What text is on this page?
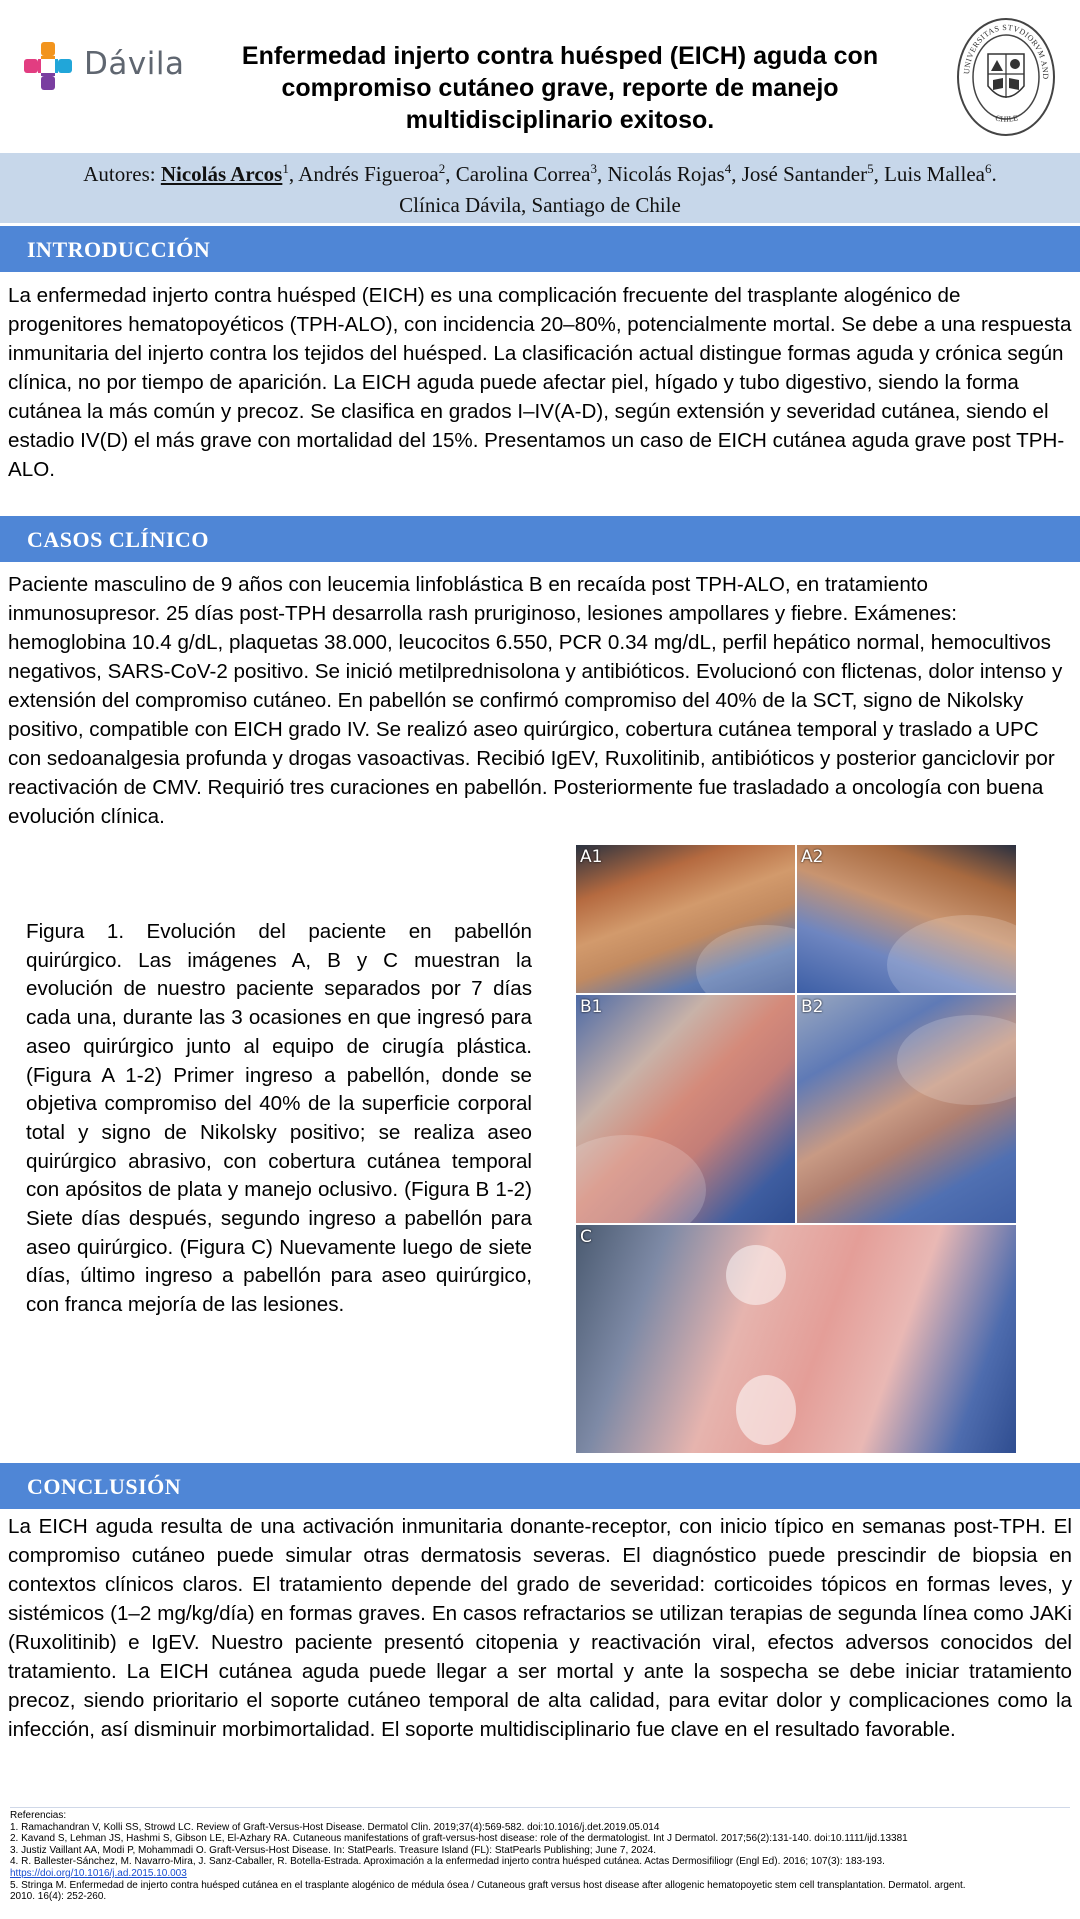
Dávila	Enfermedad injerto contra huésped (EICH) aguda con compromiso cutáneo grave, reporte de manejo multidisciplinario exitoso.
UNIVERSITAS STVDIORVM AND
CHILE
Autores: Nicolás Arcos$^1$, Andrés Figueroa$^2$, Carolina Correa$^3$, Nicolás Rojas$^4$, José Santander$^5$, Luis Mallea$^6$.
Clínica Dávila, Santiago de Chile
INTRODUCCIÓN
La enfermedad injerto contra huésped (EICH) es una complicación frecuente del trasplante alogénico de progenitores hematopoyéticos (TPH-ALO), con incidencia 20–80%, potencialmente mortal. Se debe a una respuesta inmunitaria del injerto contra los tejidos del huésped. La clasificación actual distingue formas aguda y crónica según clínica, no por tiempo de aparición. La EICH aguda puede afectar piel, hígado y tubo digestivo, siendo la forma cutánea la más común y precoz. Se clasifica en grados I–IV(A-D), según extensión y severidad cutánea, siendo el estadio IV(D) el más grave con mortalidad del 15%. Presentamos un caso de EICH cutánea aguda grave post TPH-ALO.
CASOS CLÍNICO
Paciente masculino de 9 años con leucemia linfoblástica B en recaída post TPH-ALO, en tratamiento inmunosupresor. 25 días post-TPH desarrolla rash pruriginoso, lesiones ampollares y fiebre. Exámenes: hemoglobina 10.4 g/dL, plaquetas 38.000, leucocitos 6.550, PCR 0.34 mg/dL, perfil hepático normal, hemocultivos negativos, SARS-CoV-2 positivo. Se inició metilprednisolona y antibióticos. Evolucionó con flictenas, dolor intenso y extensión del compromiso cutáneo. En pabellón se confirmó compromiso del 40% de la SCT, signo de Nikolsky positivo, compatible con EICH grado IV. Se realizó aseo quirúrgico, cobertura cutánea temporal y traslado a UPC con sedoanalgesia profunda y drogas vasoactivas. Recibió IgEV, Ruxolitinib, antibióticos y posterior ganciclovir por reactivación de CMV. Requirió tres curaciones en pabellón. Posteriormente fue trasladado a oncología con buena evolución clínica.
Figura 1. Evolución del paciente en pabellón quirúrgico. Las imágenes A, B y C muestran la evolución de nuestro paciente separados por 7 días cada una, durante las 3 ocasiones en que ingresó para aseo quirúrgico junto al equipo de cirugía plástica. (Figura A 1-2) Primer ingreso a pabellón, donde se objetiva compromiso del 40% de la superficie corporal total y signo de Nikolsky positivo; se realiza aseo quirúrgico abrasivo, con cobertura cutánea temporal con apósitos de plata y manejo oclusivo. (Figura B 1-2) Siete días después, segundo ingreso a pabellón para aseo quirúrgico. (Figura C) Nuevamente luego de siete días, último ingreso a pabellón para aseo quirúrgico, con franca mejoría de las lesiones.
A1	A2
B1	B2
C
CONCLUSIÓN
La EICH aguda resulta de una activación inmunitaria donante-receptor, con inicio típico en semanas post-TPH. El compromiso cutáneo puede simular otras dermatosis severas. El diagnóstico puede prescindir de biopsia en contextos clínicos claros. El tratamiento depende del grado de severidad: corticoides tópicos en formas leves, y sistémicos (1–2 mg/kg/día) en formas graves. En casos refractarios se utilizan terapias de segunda línea como JAKi (Ruxolitinib) e IgEV. Nuestro paciente presentó citopenia y reactivación viral, efectos adversos conocidos del tratamiento. La EICH cutánea aguda puede llegar a ser mortal y ante la sospecha se debe iniciar tratamiento precoz, siendo prioritario el soporte cutáneo temporal de alta calidad, para evitar dolor y complicaciones como la infección, así disminuir morbimortalidad. El soporte multidisciplinario fue clave en el resultado favorable.
Referencias:
1. Ramachandran V, Kolli SS, Strowd LC. Review of Graft-Versus-Host Disease. Dermatol Clin. 2019;37(4):569-582. doi:10.1016/j.det.2019.05.014
2. Kavand S, Lehman JS, Hashmi S, Gibson LE, El-Azhary RA. Cutaneous manifestations of graft-versus-host disease: role of the dermatologist. Int J Dermatol. 2017;56(2):131-140. doi:10.1111/ijd.13381
3. Justiz Vaillant AA, Modi P, Mohammadi O. Graft-Versus-Host Disease. In: StatPearls. Treasure Island (FL): StatPearls Publishing; June 7, 2024.
4. R. Ballester-Sánchez, M. Navarro-Mira, J. Sanz-Caballer, R. Botella-Estrada. Aproximación a la enfermedad injerto contra huésped cutánea. Actas Dermosifiliogr (Engl Ed). 2016; 107(3): 183-193.
https://doi.org/10.1016/j.ad.2015.10.003
5. Stringa M. Enfermedad de injerto contra huésped cutánea en el trasplante alogénico de médula ósea / Cutaneous graft versus host disease after allogenic hematopoyetic stem cell transplantation. Dermatol. argent.
2010. 16(4): 252-260.
